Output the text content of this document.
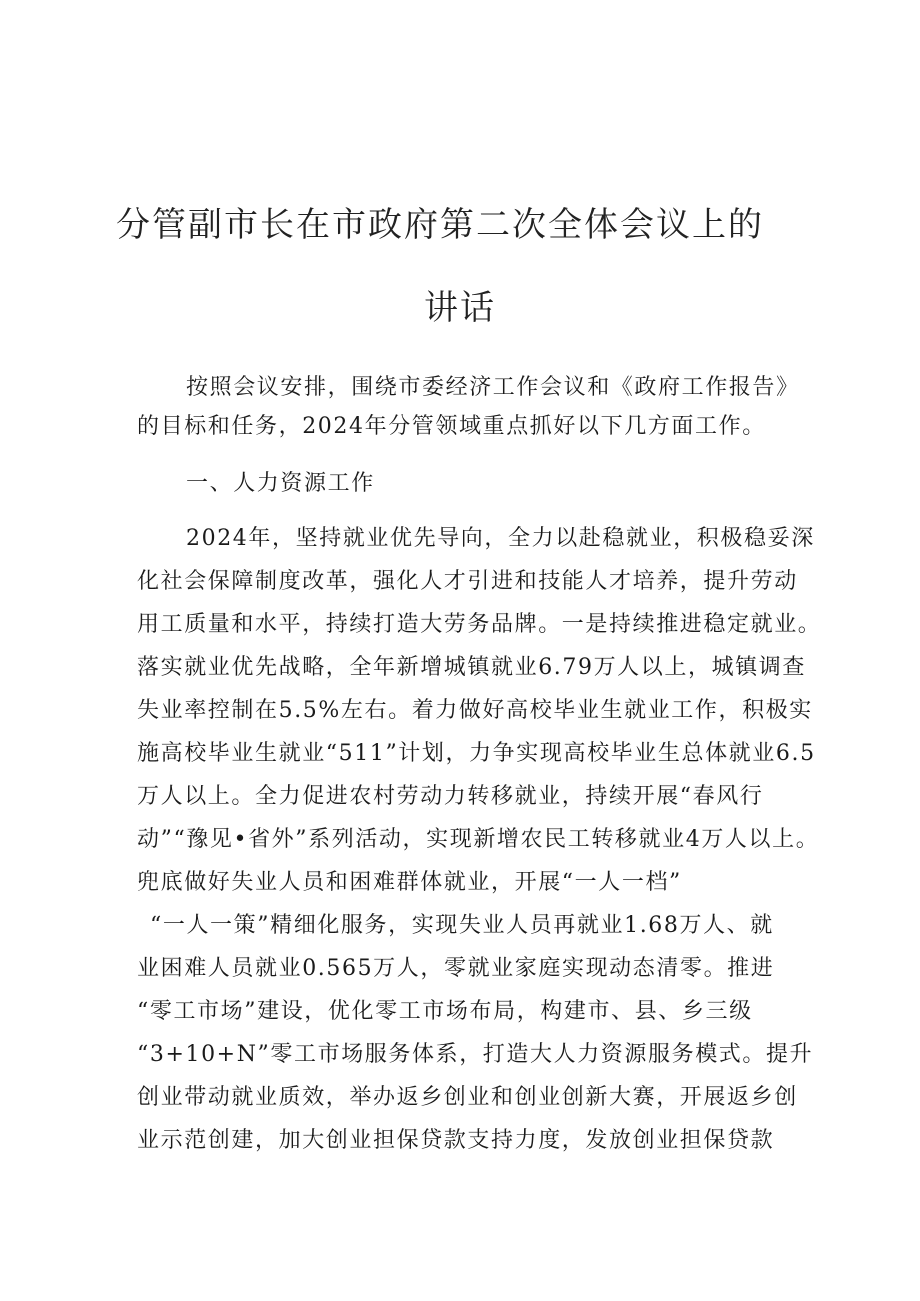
分管副市长在市政府第二次全体会议上的
讲话
按照会议安排，围绕市委经济工作会议和《政府工作报告》
的目标和任务，2024年分管领域重点抓好以下几方面工作。
一、人力资源工作
2024年，坚持就业优先导向，全力以赴稳就业，积极稳妥深
化社会保障制度改革，强化人才引进和技能人才培养，提升劳动
用工质量和水平，持续打造大劳务品牌。一是持续推进稳定就业。
落实就业优先战略，全年新增城镇就业6.79万人以上，城镇调查
失业率控制在5.5%左右。着力做好高校毕业生就业工作，积极实
施高校毕业生就业“511”计划，力争实现高校毕业生总体就业6.5
万人以上。全力促进农村劳动力转移就业，持续开展“春风行
动”“豫见•省外”系列活动，实现新增农民工转移就业4万人以上。
兜底做好失业人员和困难群体就业，开展“一人一档”
“一人一策”精细化服务，实现失业人员再就业1.68万人、就
业困难人员就业0.565万人，零就业家庭实现动态清零。推进
“零工市场”建设，优化零工市场布局，构建市、县、乡三级
“3+10+N”零工市场服务体系，打造大人力资源服务模式。提升
创业带动就业质效，举办返乡创业和创业创新大赛，开展返乡创
业示范创建，加大创业担保贷款支持力度，发放创业担保贷款
